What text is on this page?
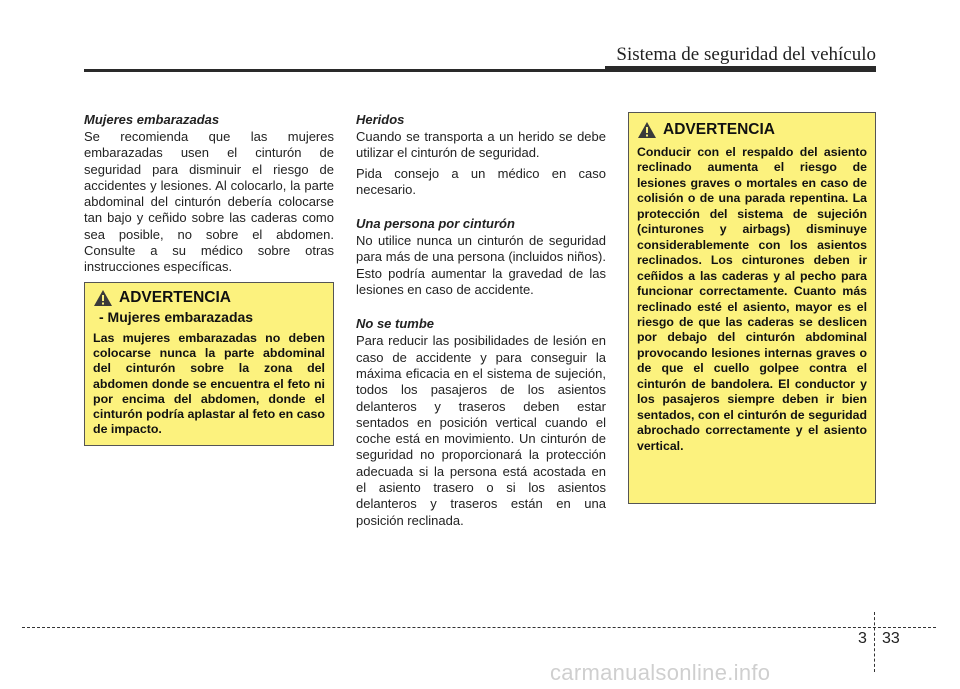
Sistema de seguridad del vehículo
Mujeres embarazadas

Se recomienda que las mujeres embarazadas usen el cinturón de seguridad para disminuir el riesgo de accidentes y lesiones. Al colocarlo, la parte abdominal del cinturón debería colocarse tan bajo y ceñido sobre las caderas como sea posible, no sobre el abdomen. Consulte a su médico sobre otras instrucciones específicas.

ADVERTENCIA
- Mujeres embarazadas
Las mujeres embarazadas no deben colocarse nunca la parte abdominal del cinturón sobre la zona del abdomen donde se encuentra el feto ni por encima del abdomen, donde el cinturón podría aplastar al feto en caso de impacto.
Heridos

Cuando se transporta a un herido se debe utilizar el cinturón de seguridad.

Pida consejo a un médico en caso necesario.

Una persona por cinturón

No utilice nunca un cinturón de seguridad para más de una persona (incluidos niños). Esto podría aumentar la gravedad de las lesiones en caso de accidente.

No se tumbe

Para reducir las posibilidades de lesión en caso de accidente y para conseguir la máxima eficacia en el sistema de sujeción, todos los pasajeros de los asientos delanteros y traseros deben estar sentados en posición vertical cuando el coche está en movimiento. Un cinturón de seguridad no proporcionará la protección adecuada si la persona está acostada en el asiento trasero o si los asientos delanteros y traseros están en una posición reclinada.

ADVERTENCIA
Conducir con el respaldo del asiento reclinado aumenta el riesgo de lesiones graves o mortales en caso de colisión o de una parada repentina. La protección del sistema de sujeción (cinturones y airbags) disminuye considerablemente con los asientos reclinados. Los cinturones deben ir ceñidos a las caderas y al pecho para funcionar correctamente. Cuanto más reclinado esté el asiento, mayor es el riesgo de que las caderas se deslicen por debajo del cinturón abdominal provocando lesiones internas graves o de que el cuello golpee contra el cinturón de bandolera. El conductor y los pasajeros siempre deben ir bien sentados, con el cinturón de seguridad abrochado correctamente y el asiento vertical.
3 33
carmanualsonline.info
